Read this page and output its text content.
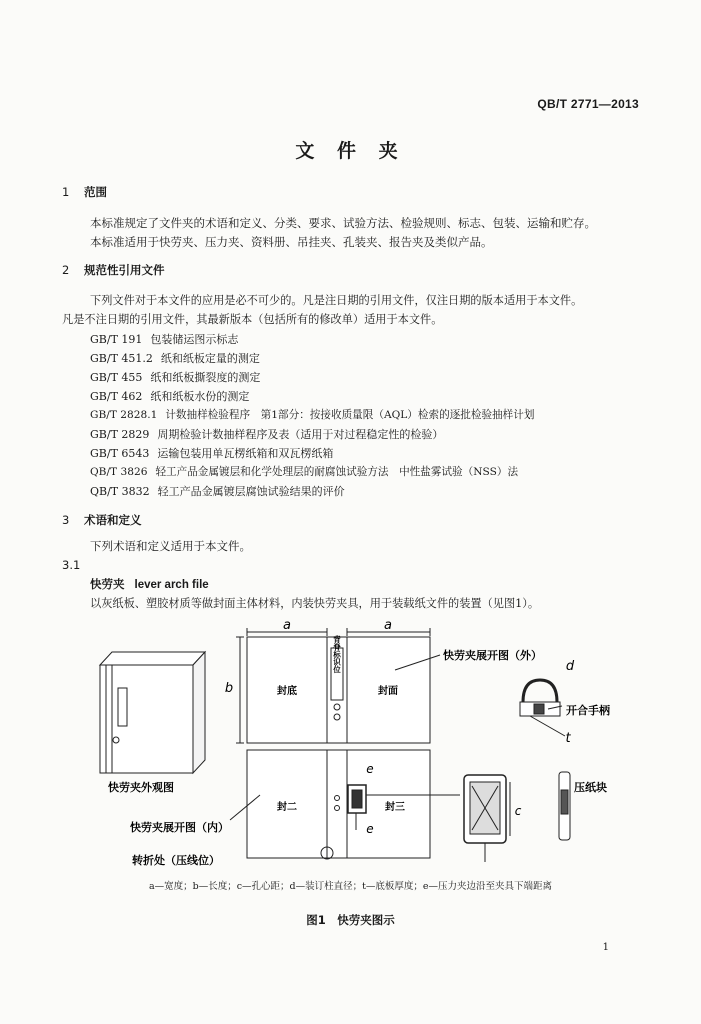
QB/T 2771—2013
文 件 夹
1 范围
本标准规定了文件夹的术语和定义、分类、要求、试验方法、检验规则、标志、包装、运输和贮存。
本标准适用于快劳夹、压力夹、资料册、吊挂夹、孔装夹、报告夹及类似产品。
2 规范性引用文件
下列文件对于本文件的应用是必不可少的。凡是注日期的引用文件，仅注日期的版本适用于本文件。
凡是不注日期的引用文件，其最新版本（包括所有的修改单）适用于本文件。
GB/T 191 包装储运图示标志
GB/T 451.2 纸和纸板定量的测定
GB/T 455 纸和纸板撕裂度的测定
GB/T 462 纸和纸板水份的测定
GB/T 2828.1 计数抽样检验程序　第1部分：按接收质量限（AQL）检索的逐批检验抽样计划
GB/T 2829 周期检验计数抽样程序及表（适用于对过程稳定性的检验）
GB/T 6543 运输包装用单瓦楞纸箱和双瓦楞纸箱
QB/T 3826 轻工产品金属镀层和化学处理层的耐腐蚀试验方法　中性盐雾试验（NSS）法
QB/T 3832 轻工产品金属镀层腐蚀试验结果的评价
3 术语和定义
下列术语和定义适用于本文件。
3.1
快劳夹 lever arch file
以灰纸板、塑胶材质等做封面主体材料，内装快劳夹具，用于装载纸文件的装置（见图1）。
a	a
b	封底	封面
背脊标识位
封二	封三
e
e
c
d
t
快劳夹展开图（外）
开合手柄
压纸块
快劳夹外观图
快劳夹展开图（内）
转折处（压线位）
a—宽度；b—长度；c—孔心距；d—装订柱直径；t—底板厚度；e—压力夹边沿至夹具下端距离
图1　快劳夹图示
1
